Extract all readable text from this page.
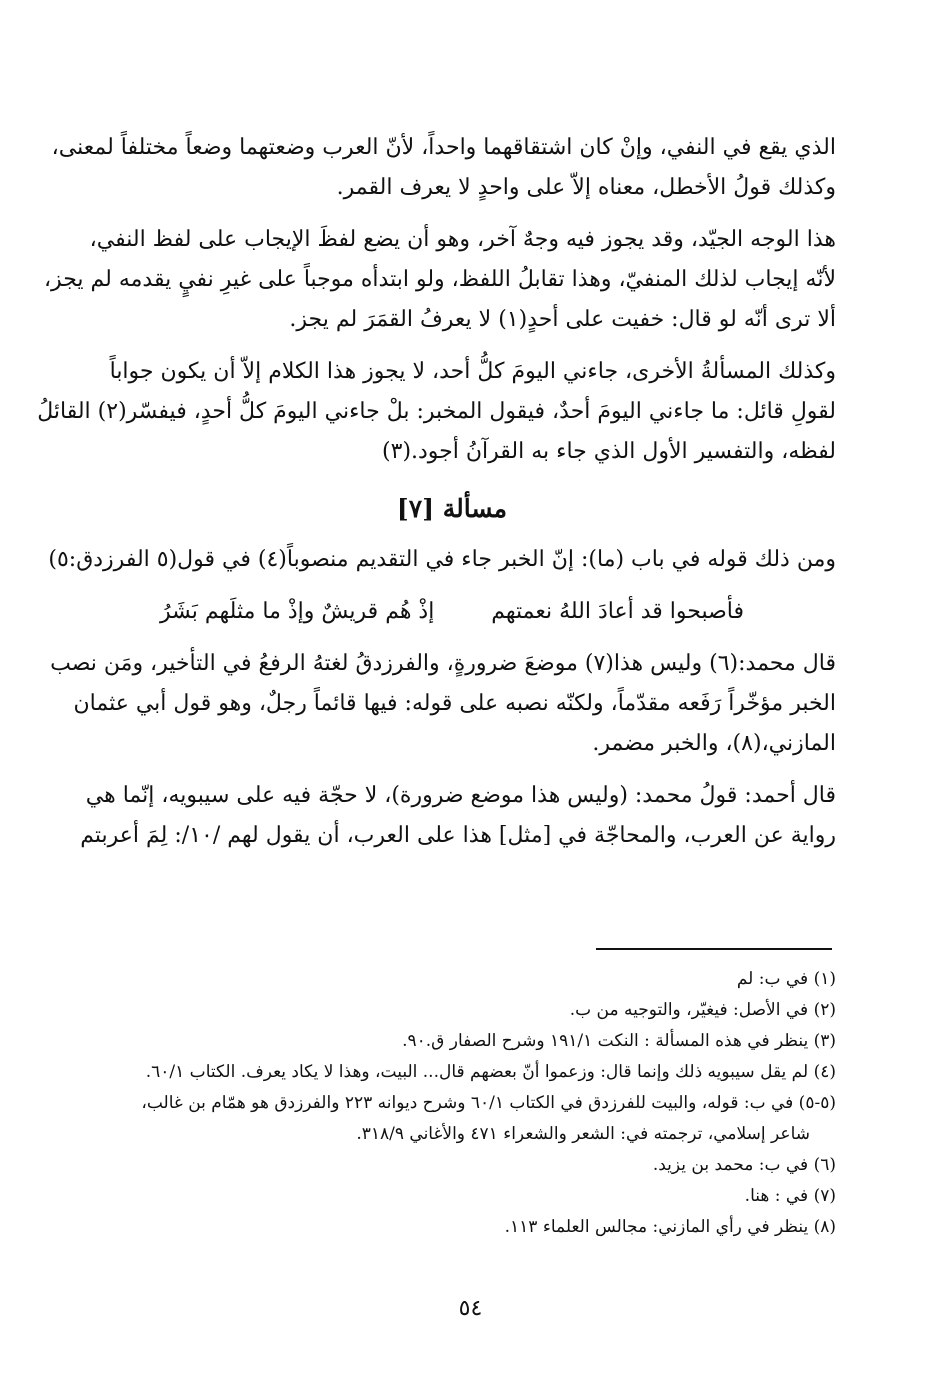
الذي يقع في النفي، وإنْ كان اشتقاقهما واحداً، لأنّ العرب وضعتهما وضعاً مختلفاً لمعنى،
وكذلك قولُ الأخطل، معناه إلاّ على واحدٍ لا يعرف القمر.
هذا الوجه الجيّد، وقد يجوز فيه وجهٌ آخر، وهو أن يضع لفظَ الإيجاب على لفظ النفي،
لأنّه إيجاب لذلك المنفيّ، وهذا تقابلُ اللفظ، ولو ابتدأه موجباً على غيرِ نفيٍ يقدمه لم يجز،
ألا ترى أنّه لو قال: خفيت على أحدٍ(١) لا يعرفُ القمَرَ لم يجز.
وكذلك المسألةُ الأخرى، جاءني اليومَ كلُّ أحد، لا يجوز هذا الكلام إلاّ أن يكون جواباً
لقولِ قائل: ما جاءني اليومَ أحدٌ، فيقول المخبر: بلْ جاءني اليومَ كلُّ أحدٍ، فيفسّر(٢) القائلُ
لفظه، والتفسير الأول الذي جاء به القرآنُ أجود.(٣)
مسألة [٧]
ومن ذلك قوله في باب (ما): إنّ الخبر جاء في التقديم منصوباً(٤) في قول(٥ الفرزدق:٥)
فأصبحوا قد أعادَ اللهُ نعمتهم
إذْ هُم قريشٌ وإذْ ما مثلَهم بَشَرُ
قال محمد:(٦) وليس هذا(٧) موضعَ ضرورةٍ، والفرزدقُ لغتهُ الرفعُ في التأخير، ومَن نصب
الخبر مؤخّراً رَفَعه مقدّماً، ولكنّه نصبه على قوله: فيها قائماً رجلٌ، وهو قول أبي عثمان
المازني،(٨)، والخبر مضمر.
قال أحمد: قولُ محمد: (وليس هذا موضع ضرورة)، لا حجّة فيه على سيبويه، إنّما هي
رواية عن العرب، والمحاجّة في [مثل] هذا على العرب، أن يقول لهم /١٠/: لِمَ أعربتم
(١) في ب: لم
(٢) في الأصل: فيغيّر، والتوجيه من ب.
(٣) ينظر في هذه المسألة : النكت ١٩١/١ وشرح الصفار ق.٩٠.
(٤) لم يقل سيبويه ذلك وإنما قال: وزعموا أنّ بعضهم قال... البيت، وهذا لا يكاد يعرف. الكتاب ٦٠/١.
(٥-٥) في ب: قوله، والبيت للفرزدق في الكتاب ٦٠/١ وشرح ديوانه ٢٢٣ والفرزدق هو همّام بن غالب،
شاعر إسلامي، ترجمته في: الشعر والشعراء ٤٧١ والأغاني ٣١٨/٩.
(٦) في ب: محمد بن يزيد.
(٧) في : هنا.
(٨) ينظر في رأي المازني: مجالس العلماء ١١٣.
٥٤
